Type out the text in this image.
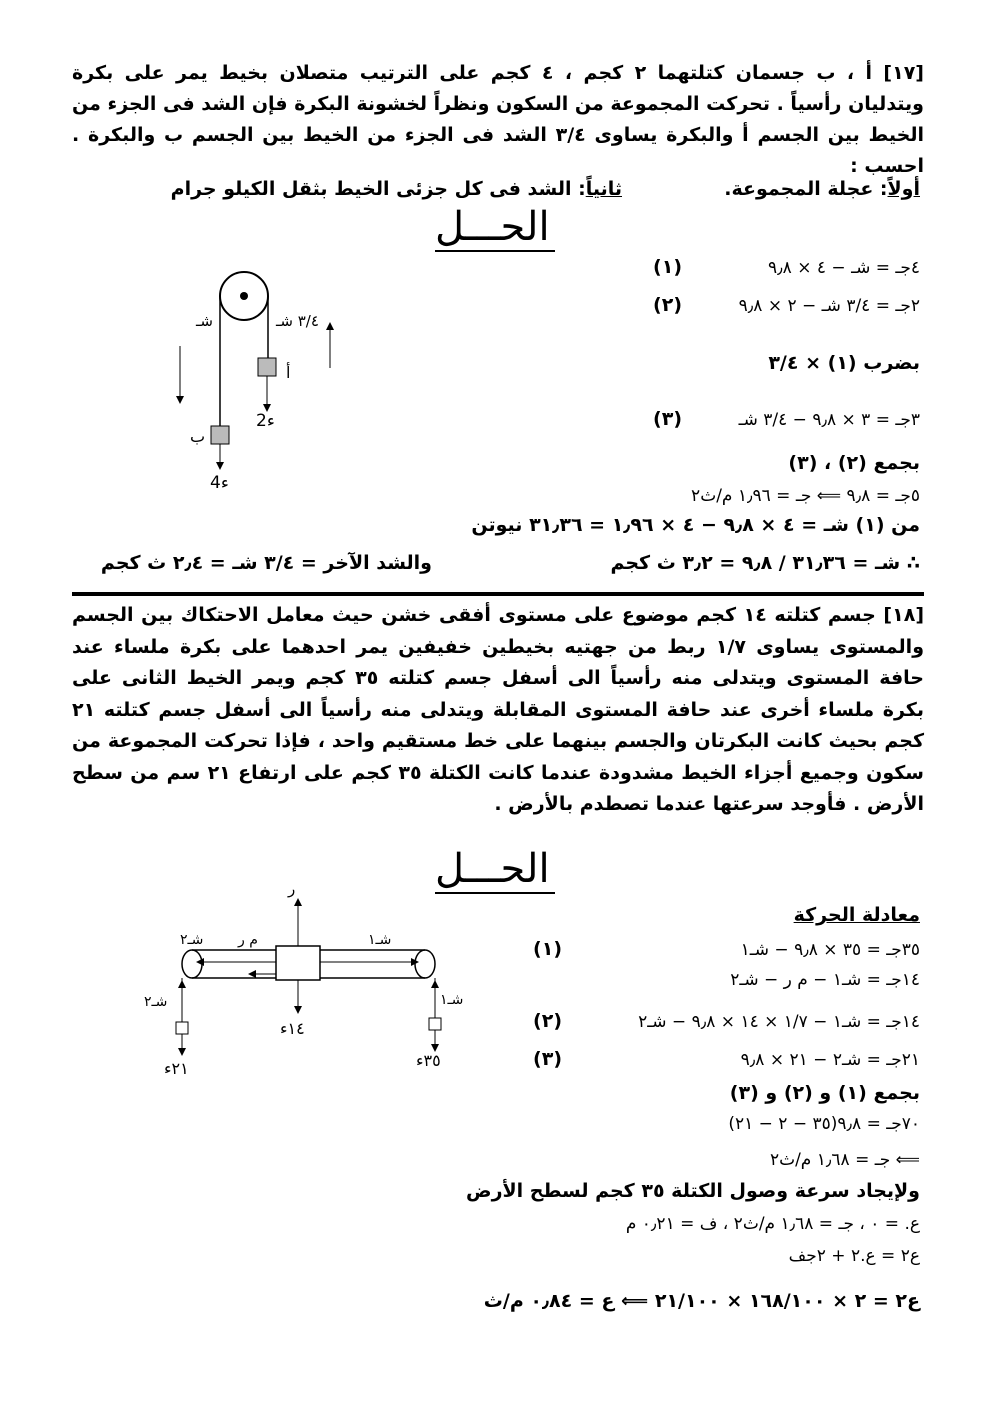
[١٧] أ ، ب جسمان كتلتهما ٢ كجم ، ٤ كجم على الترتيب متصلان بخيط يمر على بكرة ويتدليان رأسياً . تحركت المجموعة من السكون ونظراً لخشونة البكرة فإن الشد فى الجزء من الخيط بين الجسم أ والبكرة يساوى ٣/٤ الشد فى الجزء من الخيط بين الجسم ب والبكرة . احسب :
أولاً: عجلة المجموعة.
ثانياً: الشد فى كل جزئى الخيط بثقل الكيلو جرام
الحـــل
شـ	٣/٤ شـ
أ
ب
2ء
4ء
٤جـ = شـ − ٤ × ٩٫٨
(١)
٢جـ = ٣/٤ شـ − ٢ × ٩٫٨
(٢)
بضرب (١) × ٣/٤
٣جـ = ٣ × ٩٫٨ − ٣/٤ شـ
(٣)
بجمع (٢) ، (٣)
٥جـ = ٩٫٨ ⟸ جـ = ١٫٩٦ م/ث٢
من (١) شـ = ٤ × ٩٫٨ − ٤ × ١٫٩٦ = ٣١٫٣٦ نيوتن
∴ شـ = ٣١٫٣٦ / ٩٫٨ = ٣٫٢ ث كجم
والشد الآخر = ٣/٤ شـ = ٢٫٤ ث كجم
[١٨] جسم كتلته ١٤ كجم موضوع على مستوى أفقى خشن حيث معامل الاحتكاك بين الجسم والمستوى يساوى ١/٧ ربط من جهتيه بخيطين خفيفين يمر احدهما على بكرة ملساء عند حافة المستوى ويتدلى منه رأسياً الى أسفل جسم كتلته ٣٥ كجم ويمر الخيط الثانى على بكرة ملساء أخرى عند حافة المستوى المقابلة ويتدلى منه رأسياً الى أسفل جسم كتلته ٢١ كجم بحيث كانت البكرتان والجسم بينهما على خط مستقيم واحد ، فإذا تحركت المجموعة من سكون وجميع أجزاء الخيط مشدودة عندما كانت الكتلة ٣٥ كجم على ارتفاع ٢١ سم من سطح الأرض . فأوجد سرعتها عندما تصطدم بالأرض .
الحـــل
ر
شـ٢ م ر	شـ١
شـ٢	شـ١
١٤ء
٣٥ء
٢١ء
معادلة الحركة
٣٥جـ = ٣٥ × ٩٫٨ − شـ١
(١)
١٤جـ = شـ١ − م ر − شـ٢
١٤جـ = شـ١ − ١/٧ × ١٤ × ٩٫٨ − شـ٢
(٢)
٢١جـ = شـ٢ − ٢١ × ٩٫٨
(٣)
بجمع (١) و (٢) و (٣)
٧٠جـ = ٩٫٨(٣٥ − ٢ − ٢١)
⟸ جـ = ١٫٦٨ م/ث٢
ولإيجاد سرعة وصول الكتلة ٣٥ كجم لسطح الأرض
ع. = ٠ ، جـ = ١٫٦٨ م/ث٢ ، ف = ٠٫٢١ م
ع٢ = ع.٢ + ٢جف
ع٢ = ٢ × ١٦٨/١٠٠ × ٢١/١٠٠ ⟸ ع = ٠٫٨٤ م/ث
